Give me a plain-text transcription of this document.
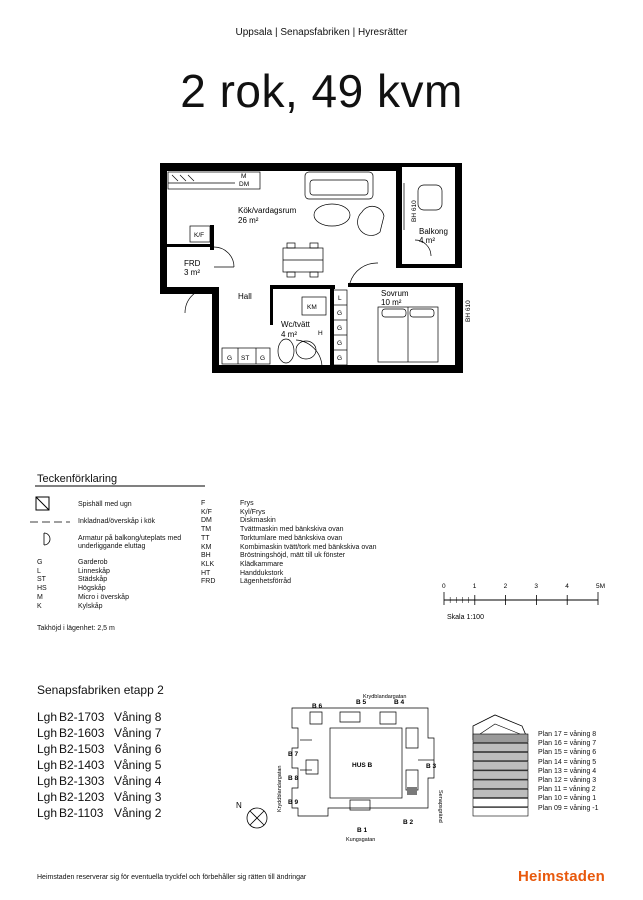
Uppsala | Senapsfabriken | Hyresrätter
2 rok, 49 kvm
Kök/vardagsrum
26 m²
Balkong
4 m²
FRD
3 m²
Hall
Wc/tvätt
4 m²
Sovrum
10 m²
M
DM
K/F
KM
H
G ST G
L
G
G
G
G
BH 610
BH 610
Teckenförklaring
Spishäll med ugn
Inkladnad/överskåp i kök
Armatur på balkong/uteplats med underliggande eluttag
G	Garderob
L	Linneskåp
ST	Städskåp
HS	Högskåp
M	Micro i överskåp
K	Kylskåp
F	Frys
K/F	Kyl/Frys
DM	Diskmaskin
TM	Tvättmaskin med bänkskiva ovan
TT	Torktumlare med bänkskiva ovan
KM	Kombimaskin tvätt/tork med bänkskiva ovan
BH	Bröstningshöjd, mätt till uk fönster
KLK	Klädkammare
HT	Handdukstork
FRD	Lägenhetsförråd
Takhöjd i lägenhet: 2,5 m
0	1	2	3	4	5M
Skala 1:100
Senapsfabriken etapp 2
Lgh B2-1703 Våning 8
Lgh B2-1603 Våning 7
Lgh B2-1503 Våning 6
Lgh B2-1403 Våning 5
Lgh B2-1303 Våning 4
Lgh B2-1203 Våning 3
Lgh B2-1103 Våning 2
Krydblandargatan
Kryddblandargatan	Senapsgränd
Kungsgatan
HUS B
B 6
B 5	B 4
B 7
B 3
B 8
B 9
B 1
B 2
N
Plan 17 = våning 8
Plan 16 = våning 7
Plan 15 = våning 6
Plan 14 = våning 5
Plan 13 = våning 4
Plan 12 = våning 3
Plan 11 = våning 2
Plan 10 = våning 1
Plan 09 = våning -1
Heimstaden reserverar sig för eventuella tryckfel och förbehåller sig rätten till ändringar	Heimstaden
